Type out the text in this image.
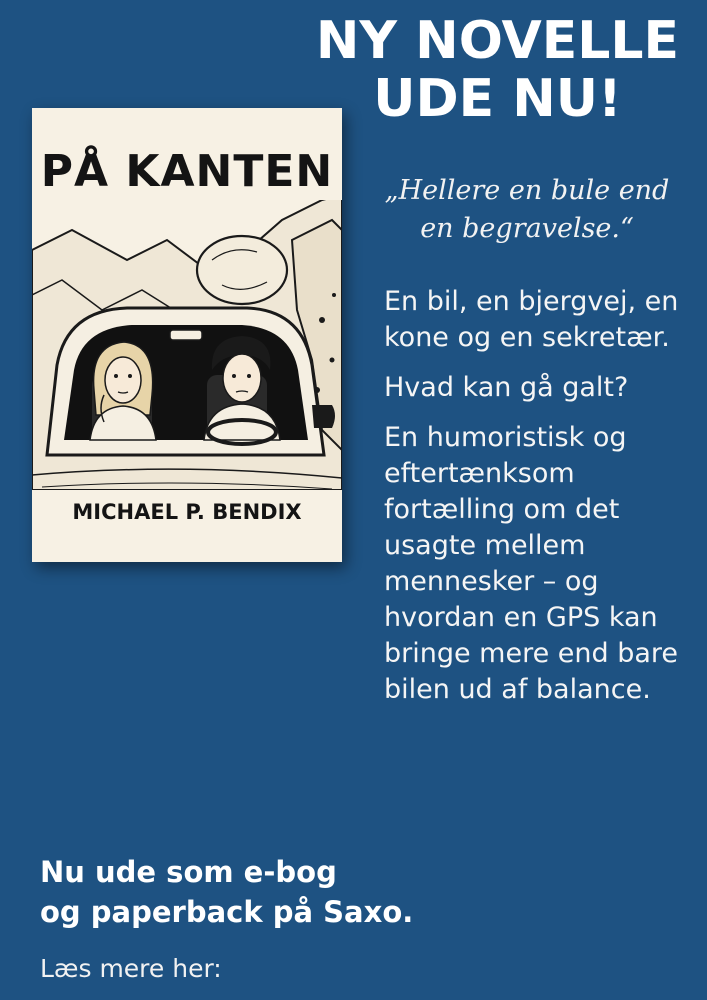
NY NOVELLE
UDE NU!
PÅ KANTEN

MICHAEL P. BENDIX

„Hellere en bule end
en begravelse.“

En bil, en bjergvej, en kone og en sekretær.

Hvad kan gå galt?

En humoristisk og eftertænksom fortælling om det usagte mellem mennesker – og hvordan en GPS kan bringe mere end bare bilen ud af balance.

Nu ude som e-bog
og paperback på Saxo.

Læs mere her:
